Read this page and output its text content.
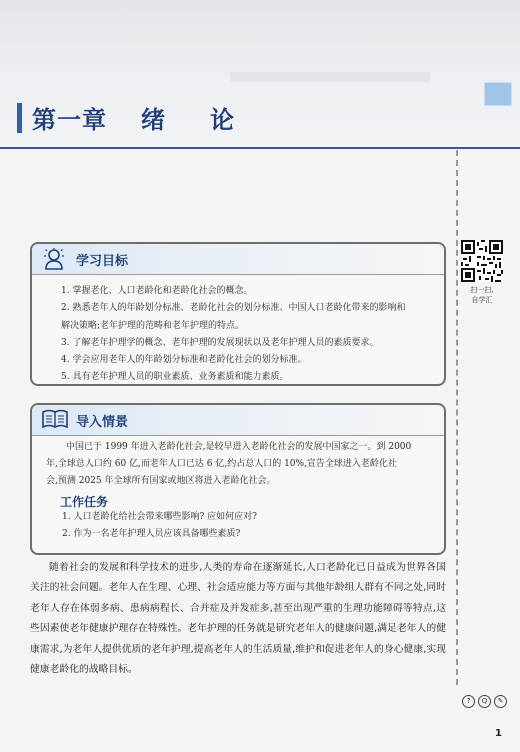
第一章 绪 论
扫一扫,
自学汇
学习目标
1. 掌握老化、人口老龄化和老龄化社会的概念。
2. 熟悉老年人的年龄划分标准、老龄化社会的划分标准、中国人口老龄化带来的影响和
解决策略;老年护理的范畴和老年护理的特点。
3. 了解老年护理学的概念、老年护理的发展现状以及老年护理人员的素质要求。
4. 学会应用老年人的年龄划分标准和老龄化社会的划分标准。
5. 具有老年护理人员的职业素质、业务素质和能力素质。
导入情景
中国已于 1999 年进入老龄化社会,是较早进入老龄化社会的发展中国家之一。到 2000
年,全球总人口约 60 亿,而老年人口已达 6 亿,约占总人口的 10%,宣告全球进入老龄化社
会,预测 2025 年全球所有国家或地区将进入老龄化社会。
工作任务
1. 人口老龄化给社会带来哪些影响? 应如何应对?
2. 作为一名老年护理人员应该具备哪些素质?

随着社会的发展和科学技术的进步,人类的寿命在逐渐延长,人口老龄化已日益成为世界各国关注的社会问题。老年人在生理、心理、社会适应能力等方面与其他年龄组人群有不同之处,同时老年人存在体弱多病、患病病程长、合并症及并发症多,甚至出现严重的生理功能障碍等特点,这些因素使老年健康护理存在特殊性。老年护理的任务就是研究老年人的健康问题,满足老年人的健康需求,为老年人提供优质的老年护理,提高老年人的生活质量,维护和促进老年人的身心健康,实现健康老龄化的战略目标。

?	Q	✎
1
